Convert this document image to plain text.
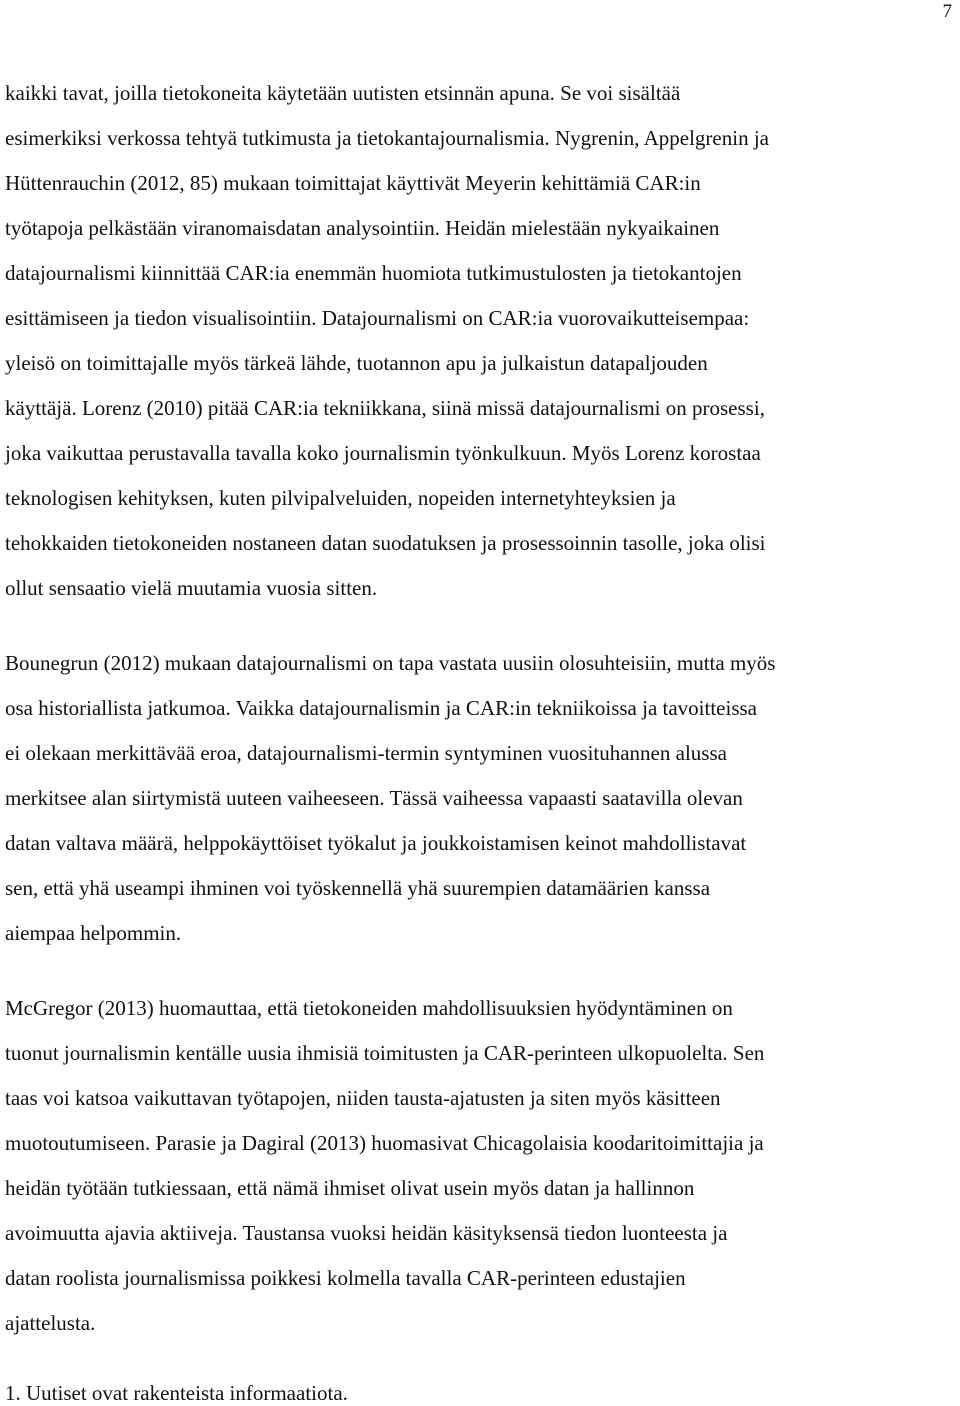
7
kaikki tavat, joilla tietokoneita käytetään uutisten etsinnän apuna. Se voi sisältää
esimerkiksi verkossa tehtyä tutkimusta ja tietokantajournalismia. Nygrenin, Appelgrenin ja
Hüttenrauchin (2012, 85) mukaan toimittajat käyttivät Meyerin kehittämiä CAR:in
työtapoja pelkästään viranomaisdatan analysointiin. Heidän mielestään nykyaikainen
datajournalismi kiinnittää CAR:ia enemmän huomiota tutkimustulosten ja tietokantojen
esittämiseen ja tiedon visualisointiin. Datajournalismi on CAR:ia vuorovaikutteisempaa:
yleisö on toimittajalle myös tärkeä lähde, tuotannon apu ja julkaistun datapaljouden
käyttäjä. Lorenz (2010) pitää CAR:ia tekniikkana, siinä missä datajournalismi on prosessi,
joka vaikuttaa perustavalla tavalla koko journalismin työnkulkuun. Myös Lorenz korostaa
teknologisen kehityksen, kuten pilvipalveluiden, nopeiden internetyhteyksien ja
tehokkaiden tietokoneiden nostaneen datan suodatuksen ja prosessoinnin tasolle, joka olisi
ollut sensaatio vielä muutamia vuosia sitten.
Bounegrun (2012) mukaan datajournalismi on tapa vastata uusiin olosuhteisiin, mutta myös
osa historiallista jatkumoa. Vaikka datajournalismin ja CAR:in tekniikoissa ja tavoitteissa
ei olekaan merkittävää eroa, datajournalismi-termin syntyminen vuosituhannen alussa
merkitsee alan siirtymistä uuteen vaiheeseen. Tässä vaiheessa vapaasti saatavilla olevan
datan valtava määrä, helppokäyttöiset työkalut ja joukkoistamisen keinot mahdollistavat
sen, että yhä useampi ihminen voi työskennellä yhä suurempien datamäärien kanssa
aiempaa helpommin.
McGregor (2013) huomauttaa, että tietokoneiden mahdollisuuksien hyödyntäminen on
tuonut journalismin kentälle uusia ihmisiä toimitusten ja CAR-perinteen ulkopuolelta. Sen
taas voi katsoa vaikuttavan työtapojen, niiden tausta-ajatusten ja siten myös käsitteen
muotoutumiseen. Parasie ja Dagiral (2013) huomasivat Chicagolaisia koodaritoimittajia ja
heidän työtään tutkiessaan, että nämä ihmiset olivat usein myös datan ja hallinnon
avoimuutta ajavia aktiiveja. Taustansa vuoksi heidän käsityksensä tiedon luonteesta ja
datan roolista journalismissa poikkesi kolmella tavalla CAR-perinteen edustajien
ajattelusta.
1. Uutiset ovat rakenteista informaatiota.
